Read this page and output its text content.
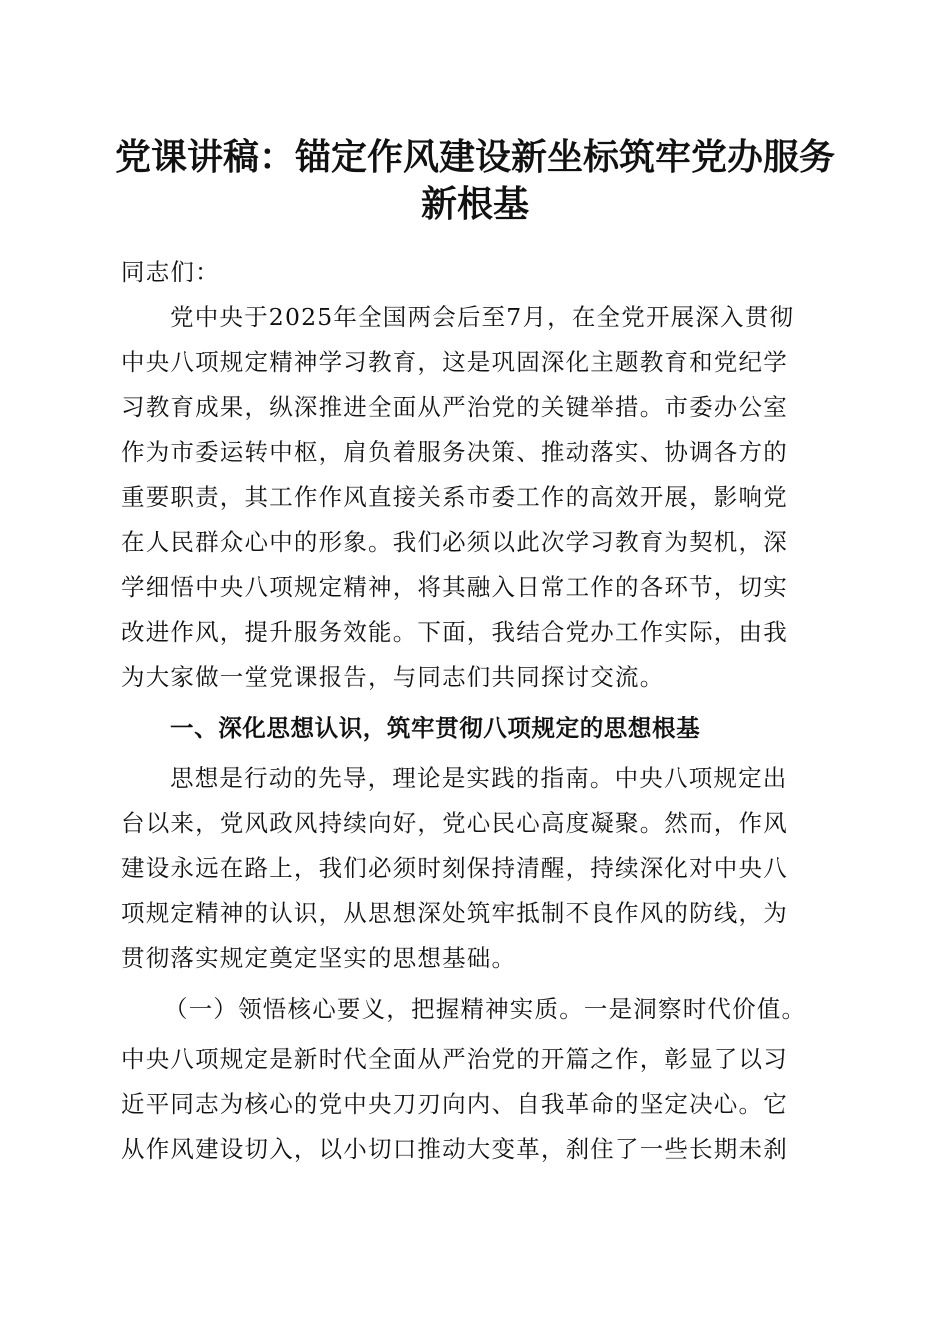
党课讲稿：锚定作风建设新坐标筑牢党办服务
新根基

同志们：

党中央于2025年全国两会后至7月，在全党开展深入贯彻

中央八项规定精神学习教育，这是巩固深化主题教育和党纪学

习教育成果，纵深推进全面从严治党的关键举措。市委办公室

作为市委运转中枢，肩负着服务决策、推动落实、协调各方的

重要职责，其工作作风直接关系市委工作的高效开展，影响党

在人民群众心中的形象。我们必须以此次学习教育为契机，深

学细悟中央八项规定精神，将其融入日常工作的各环节，切实

改进作风，提升服务效能。下面，我结合党办工作实际，由我

为大家做一堂党课报告，与同志们共同探讨交流。

一、深化思想认识，筑牢贯彻八项规定的思想根基

思想是行动的先导，理论是实践的指南。中央八项规定出

台以来，党风政风持续向好，党心民心高度凝聚。然而，作风

建设永远在路上，我们必须时刻保持清醒，持续深化对中央八

项规定精神的认识，从思想深处筑牢抵制不良作风的防线，为

贯彻落实规定奠定坚实的思想基础。

（一）领悟核心要义，把握精神实质。一是洞察时代价值。

中央八项规定是新时代全面从严治党的开篇之作，彰显了以习

近平同志为核心的党中央刀刃向内、自我革命的坚定决心。它

从作风建设切入，以小切口推动大变革，刹住了一些长期未刹
